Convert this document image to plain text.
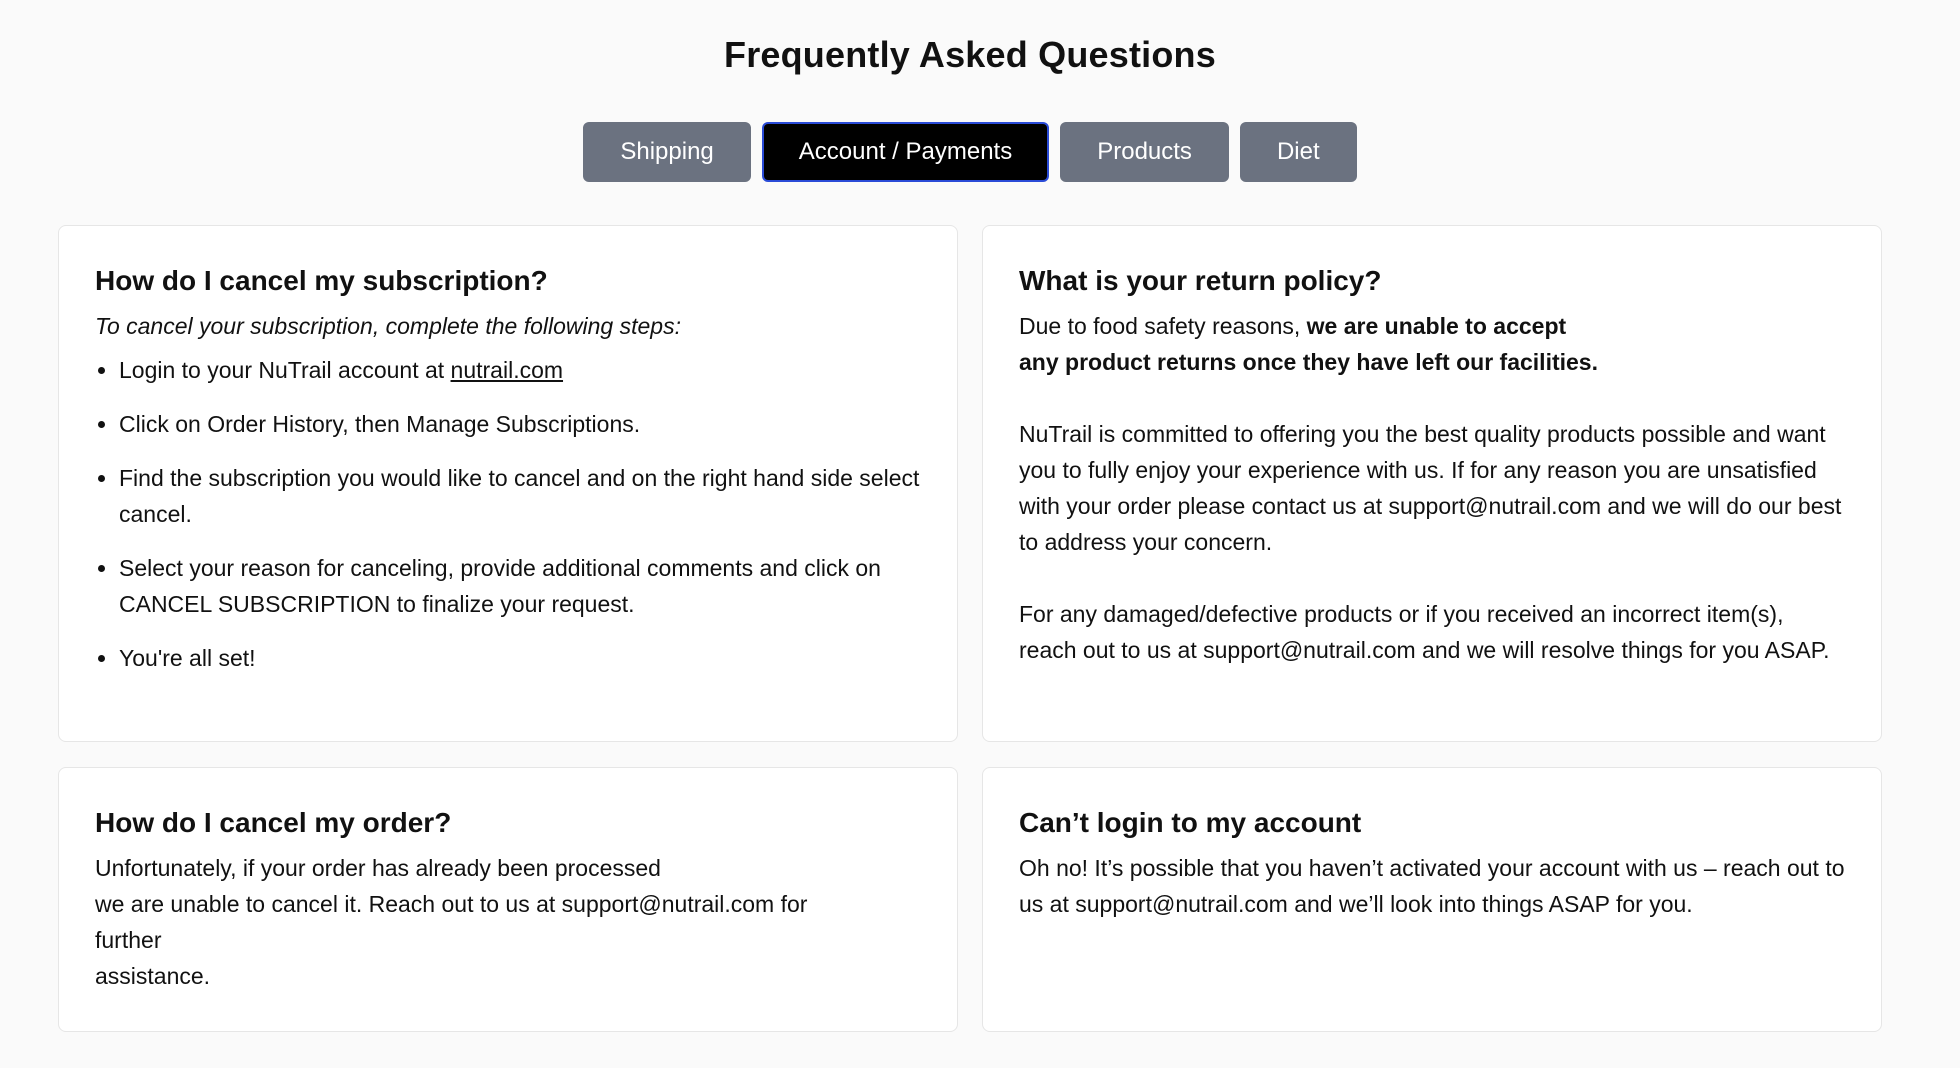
Frequently Asked Questions
Shipping	Account / Payments	Products	Diet
How do I cancel my subscription?

To cancel your subscription, complete the following steps:

• Login to your NuTrail account at nutrail.com
• Click on Order History, then Manage Subscriptions.
• Find the subscription you would like to cancel and on the right hand side select cancel.
• Select your reason for canceling, provide additional comments and click on CANCEL SUBSCRIPTION to finalize your request.
• You're all set!
What is your return policy?

Due to food safety reasons, we are unable to accept
any product returns once they have left our facilities.

NuTrail is committed to offering you the best quality products possible and want you to fully enjoy your experience with us. If for any reason you are unsatisfied with your order please contact us at support@nutrail.com and we will do our best to address your concern.

For any damaged/defective products or if you received an incorrect item(s), reach out to us at support@nutrail.com and we will resolve things for you ASAP.

How do I cancel my order?

Unfortunately, if your order has already been processed

we are unable to cancel it. Reach out to us at support@nutrail.com for

further

assistance.

Can’t login to my account

Oh no! It’s possible that you haven’t activated your account with us – reach out to us at support@nutrail.com and we’ll look into things ASAP for you.
